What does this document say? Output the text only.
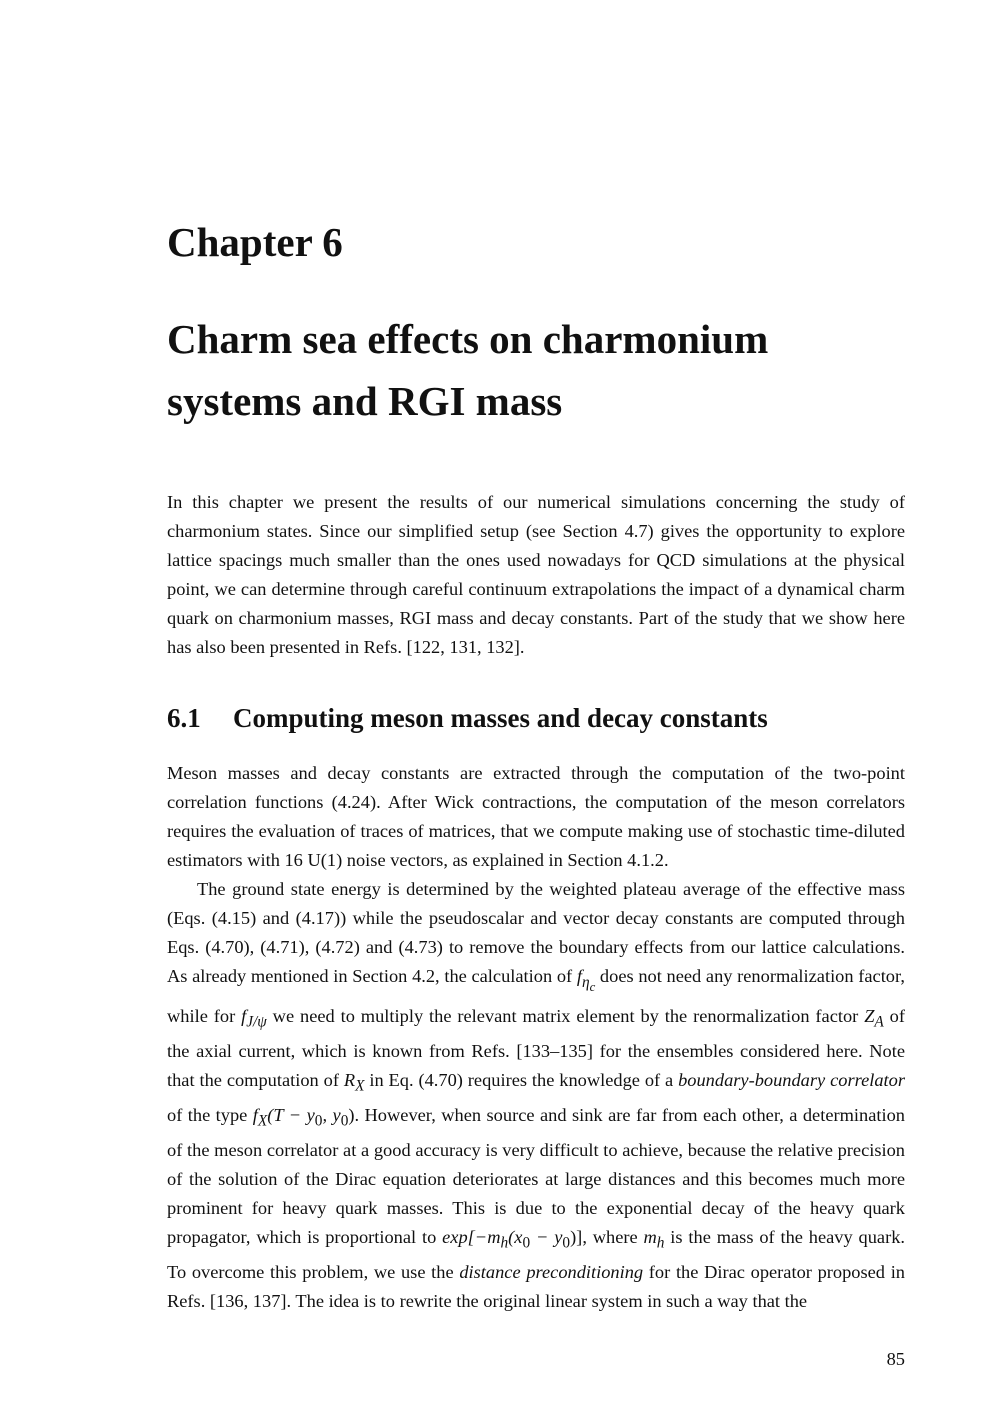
Chapter 6
Charm sea effects on charmonium
systems and RGI mass

In this chapter we present the results of our numerical simulations concerning the study of charmonium states. Since our simplified setup (see Section 4.7) gives the opportunity to explore lattice spacings much smaller than the ones used nowadays for QCD simulations at the physical point, we can determine through careful continuum extrapolations the impact of a dynamical charm quark on charmonium masses, RGI mass and decay constants. Part of the study that we show here has also been presented in Refs. [122, 131, 132].

6.1 Computing meson masses and decay constants

Meson masses and decay constants are extracted through the computation of the two-point correlation functions (4.24). After Wick contractions, the computation of the meson correlators requires the evaluation of traces of matrices, that we compute making use of stochastic time-diluted estimators with 16 U(1) noise vectors, as explained in Section 4.1.2.

The ground state energy is determined by the weighted plateau average of the effective mass (Eqs. (4.15) and (4.17)) while the pseudoscalar and vector decay constants are computed through Eqs. (4.70), (4.71), (4.72) and (4.73) to remove the boundary effects from our lattice calculations. As already mentioned in Section 4.2, the calculation of $f_{\eta_c}$ does not need any renormalization factor, while for $f_{J/\psi}$ we need to multiply the relevant matrix element by the renormalization factor $Z_A$ of the axial current, which is known from Refs. [133–135] for the ensembles considered here. Note that the computation of $R_X$ in Eq. (4.70) requires the knowledge of a boundary-boundary correlator of the type $f_X(T - y_0$, $y_0$). However, when source and sink are far from each other, a determination of the meson correlator at a good accuracy is very difficult to achieve, because the relative precision of the solution of the Dirac equation deteriorates at large distances and this becomes much more prominent for heavy quark masses. This is due to the exponential decay of the heavy quark propagator, which is proportional to $\exp[-m_h(x_0 - y_0)]$, where $m_h$ is the mass of the heavy quark. To overcome this problem, we use the distance preconditioning for the Dirac operator proposed in Refs. [136, 137]. The idea is to rewrite the original linear system in such a way that the

85
